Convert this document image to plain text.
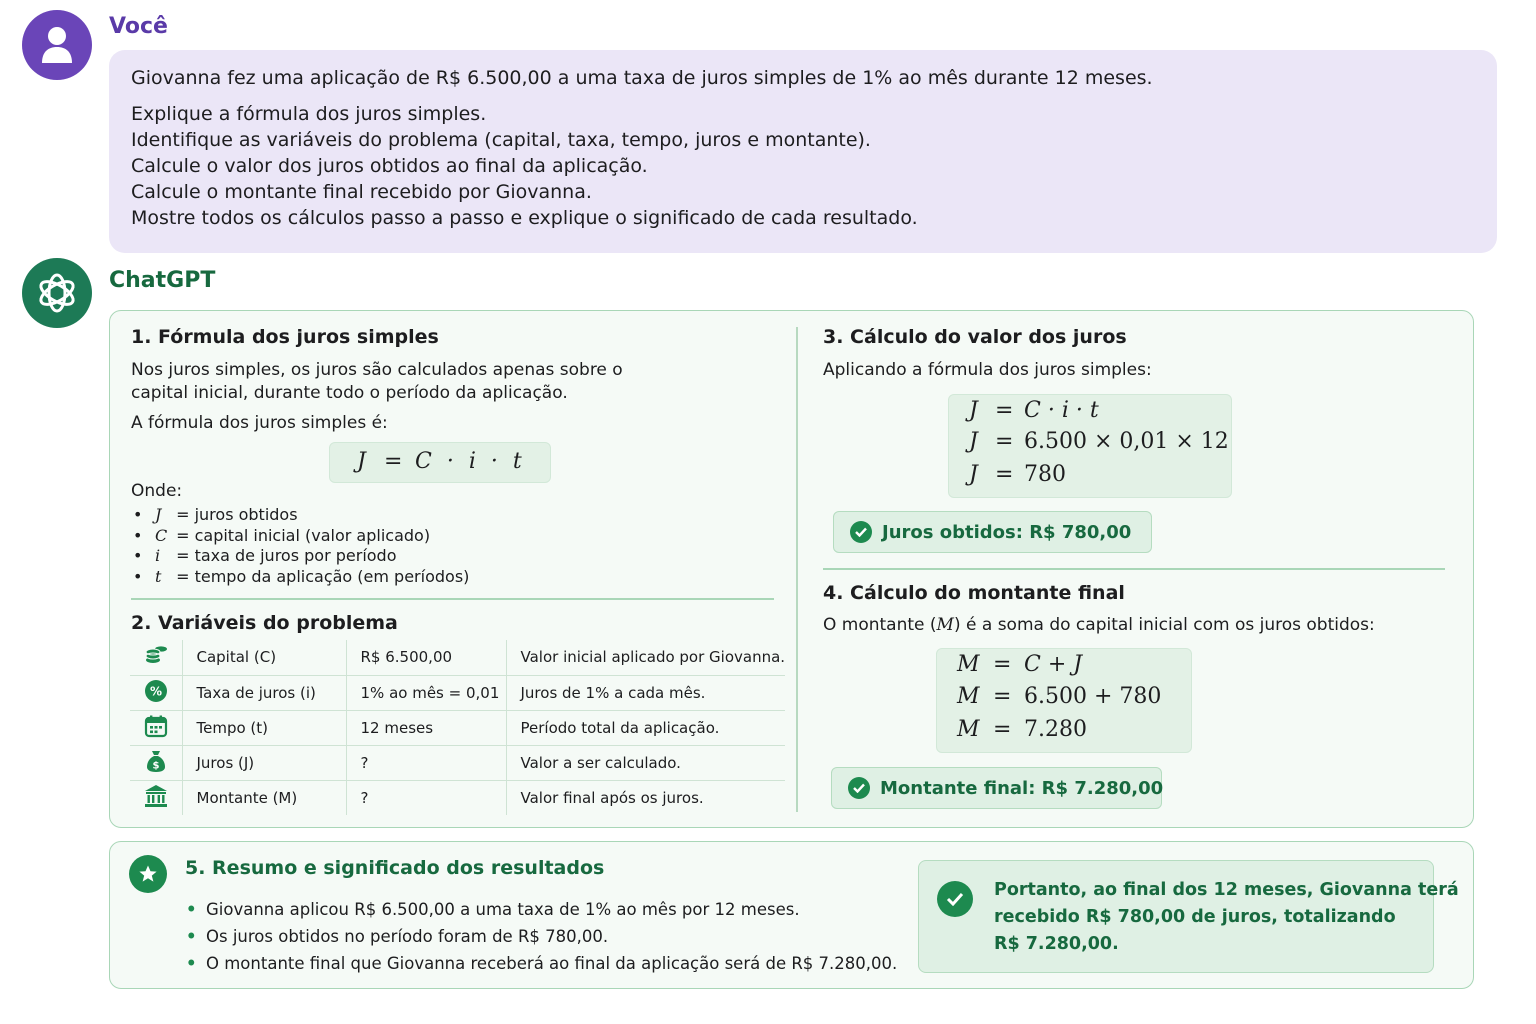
Você
Giovanna fez uma aplicação de R$ 6.500,00 a uma taxa de juros simples de 1% ao mês durante 12 meses.
Explique a fórmula dos juros simples.
Identifique as variáveis do problema (capital, taxa, tempo, juros e montante).
Calcule o valor dos juros obtidos ao final da aplicação.
Calcule o montante final recebido por Giovanna.
Mostre todos os cálculos passo a passo e explique o significado de cada resultado.
ChatGPT
1. Fórmula dos juros simples
Nos juros simples, os juros são calculados apenas sobre o
capital inicial, durante todo o período da aplicação.
A fórmula dos juros simples é:
J = C · i · t
Onde:
• J = juros obtidos
• C = capital inicial (valor aplicado)
• i = taxa de juros por período
• t = tempo da aplicação (em períodos)
2. Variáveis do problema
	Capital (C)	R$ 6.500,00	Valor inicial aplicado por Giovanna.

%	Taxa de juros (i)	1% ao mês = 0,01	Juros de 1% a cada mês.

	Tempo (t)	12 meses	Período total da aplicação.

$	Juros (J)	?	Valor a ser calculado.

	Montante (M)	?	Valor final após os juros.
3. Cálculo do valor dos juros
Aplicando a fórmula dos juros simples:
J = C · i · t
J = 6.500 × 0,01 × 12
J = 780
Juros obtidos: R$ 780,00
4. Cálculo do montante final
O montante (M) é a soma do capital inicial com os juros obtidos:
M = C + J
M = 6.500 + 780
M = 7.280
Montante final: R$ 7.280,00
5. Resumo e significado dos resultados
• Giovanna aplicou R$ 6.500,00 a uma taxa de 1% ao mês por 12 meses.
• Os juros obtidos no período foram de R$ 780,00.
• O montante final que Giovanna receberá ao final da aplicação será de R$ 7.280,00.
Portanto, ao final dos 12 meses, Giovanna terá
recebido R$ 780,00 de juros, totalizando
R$ 7.280,00.
